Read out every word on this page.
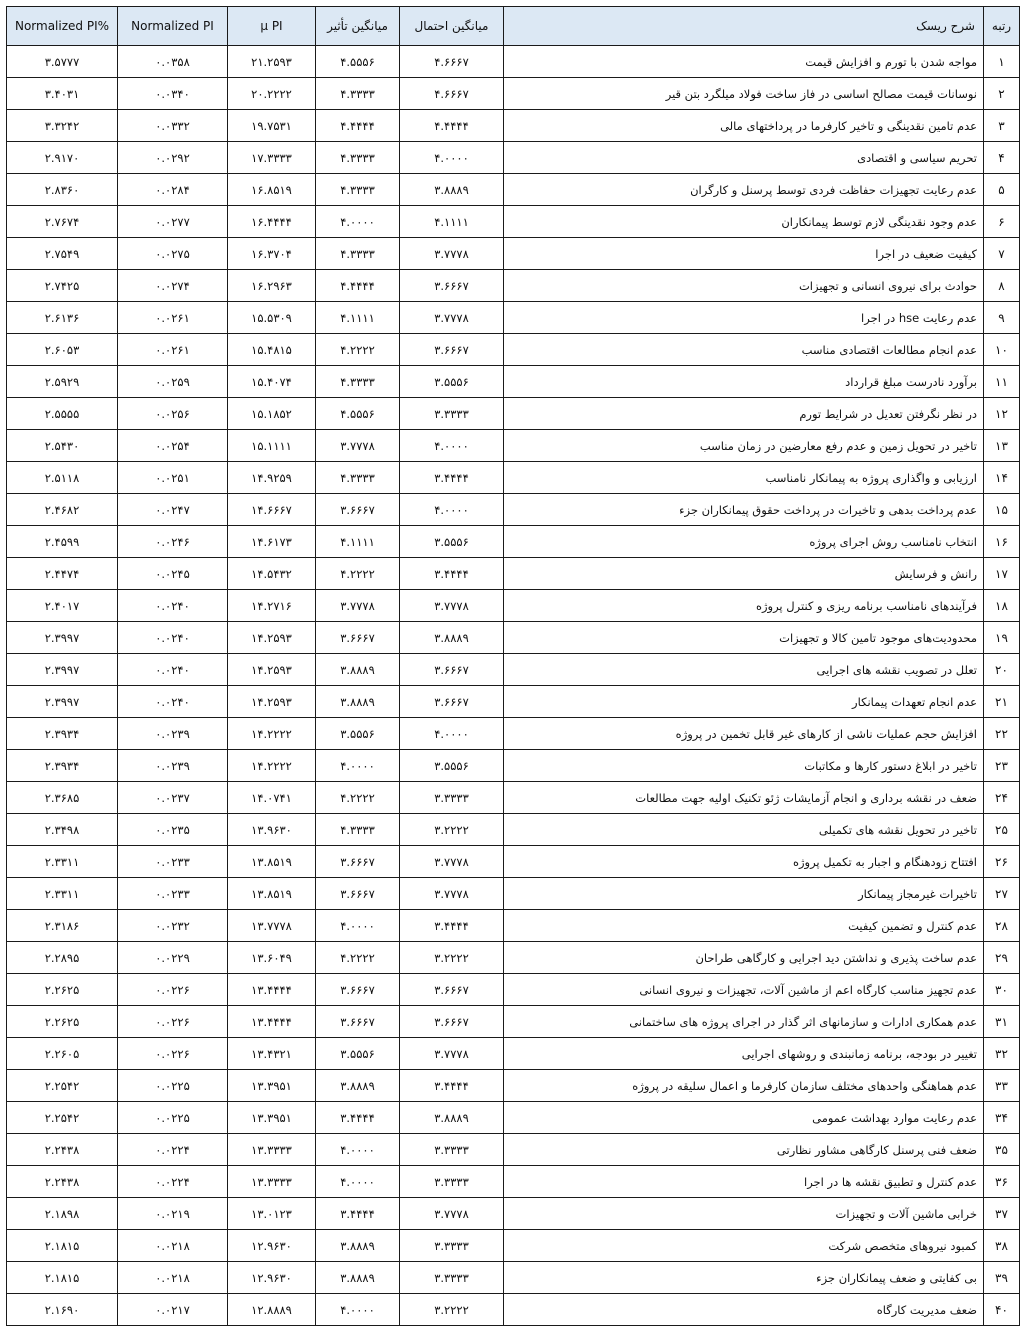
رتبه	شرح ریسک	میانگین احتمال	میانگین تأثیر	μ PI	Normalized PI	%Normalized PI
۱	مواجه شدن با تورم و افزایش قیمت	۴.۶۶۶۷	۴.۵۵۵۶	۲۱.۲۵۹۳	۰.۰۳۵۸	۳.۵۷۷۷
۲	نوسانات قیمت مصالح اساسی در فاز ساخت فولاد میلگرد بتن قیر	۴.۶۶۶۷	۴.۳۳۳۳	۲۰.۲۲۲۲	۰.۰۳۴۰	۳.۴۰۳۱
۳	عدم تامین نقدینگی و تاخیر کارفرما در پرداختهای مالی	۴.۴۴۴۴	۴.۴۴۴۴	۱۹.۷۵۳۱	۰.۰۳۳۲	۳.۳۲۴۲
۴	تحریم سیاسی و اقتصادی	۴.۰۰۰۰	۴.۳۳۳۳	۱۷.۳۳۳۳	۰.۰۲۹۲	۲.۹۱۷۰
۵	عدم رعایت تجهیزات حفاظت فردی توسط پرسنل و کارگران	۳.۸۸۸۹	۴.۳۳۳۳	۱۶.۸۵۱۹	۰.۰۲۸۴	۲.۸۳۶۰
۶	عدم وجود نقدینگی لازم توسط پیمانکاران	۴.۱۱۱۱	۴.۰۰۰۰	۱۶.۴۴۴۴	۰.۰۲۷۷	۲.۷۶۷۴
۷	کیفیت ضعیف در اجرا	۳.۷۷۷۸	۴.۳۳۳۳	۱۶.۳۷۰۴	۰.۰۲۷۵	۲.۷۵۴۹
۸	حوادث برای نیروی انسانی و تجهیزات	۳.۶۶۶۷	۴.۴۴۴۴	۱۶.۲۹۶۳	۰.۰۲۷۴	۲.۷۴۲۵
۹	عدم رعایت hse در اجرا	۳.۷۷۷۸	۴.۱۱۱۱	۱۵.۵۳۰۹	۰.۰۲۶۱	۲.۶۱۳۶
۱۰	عدم انجام مطالعات اقتصادی مناسب	۳.۶۶۶۷	۴.۲۲۲۲	۱۵.۴۸۱۵	۰.۰۲۶۱	۲.۶۰۵۳
۱۱	برآورد نادرست مبلغ قرارداد	۳.۵۵۵۶	۴.۳۳۳۳	۱۵.۴۰۷۴	۰.۰۲۵۹	۲.۵۹۲۹
۱۲	در نظر نگرفتن تعدیل در شرایط تورم	۳.۳۳۳۳	۴.۵۵۵۶	۱۵.۱۸۵۲	۰.۰۲۵۶	۲.۵۵۵۵
۱۳	تاخیر در تحویل زمین و عدم رفع معارضین در زمان مناسب	۴.۰۰۰۰	۳.۷۷۷۸	۱۵.۱۱۱۱	۰.۰۲۵۴	۲.۵۴۳۰
۱۴	ارزیابی و واگذاری پروژه به پیمانکار نامناسب	۳.۴۴۴۴	۴.۳۳۳۳	۱۴.۹۲۵۹	۰.۰۲۵۱	۲.۵۱۱۸
۱۵	عدم پرداخت بدهی و تاخیرات در پرداخت حقوق پیمانکاران جزء	۴.۰۰۰۰	۳.۶۶۶۷	۱۴.۶۶۶۷	۰.۰۲۴۷	۲.۴۶۸۲
۱۶	انتخاب نامناسب روش اجرای پروژه	۳.۵۵۵۶	۴.۱۱۱۱	۱۴.۶۱۷۳	۰.۰۲۴۶	۲.۴۵۹۹
۱۷	رانش و فرسایش	۳.۴۴۴۴	۴.۲۲۲۲	۱۴.۵۴۳۲	۰.۰۲۴۵	۲.۴۴۷۴
۱۸	فرآیندهای نامناسب برنامه ریزی و کنترل پروژه	۳.۷۷۷۸	۳.۷۷۷۸	۱۴.۲۷۱۶	۰.۰۲۴۰	۲.۴۰۱۷
۱۹	محدودیت‌های موجود تامین کالا و تجهیزات	۳.۸۸۸۹	۳.۶۶۶۷	۱۴.۲۵۹۳	۰.۰۲۴۰	۲.۳۹۹۷
۲۰	تعلل در تصویب نقشه های اجرایی	۳.۶۶۶۷	۳.۸۸۸۹	۱۴.۲۵۹۳	۰.۰۲۴۰	۲.۳۹۹۷
۲۱	عدم انجام تعهدات پیمانکار	۳.۶۶۶۷	۳.۸۸۸۹	۱۴.۲۵۹۳	۰.۰۲۴۰	۲.۳۹۹۷
۲۲	افزایش حجم عملیات ناشی از کارهای غیر قابل تخمین در پروژه	۴.۰۰۰۰	۳.۵۵۵۶	۱۴.۲۲۲۲	۰.۰۲۳۹	۲.۳۹۳۴
۲۳	تاخیر در ابلاغ دستور کارها و مکاتبات	۳.۵۵۵۶	۴.۰۰۰۰	۱۴.۲۲۲۲	۰.۰۲۳۹	۲.۳۹۳۴
۲۴	ضعف در نقشه برداری و انجام آزمایشات ژئو تکنیک اولیه جهت مطالعات	۳.۳۳۳۳	۴.۲۲۲۲	۱۴.۰۷۴۱	۰.۰۲۳۷	۲.۳۶۸۵
۲۵	تاخیر در تحویل نقشه های تکمیلی	۳.۲۲۲۲	۴.۳۳۳۳	۱۳.۹۶۳۰	۰.۰۲۳۵	۲.۳۴۹۸
۲۶	افتتاح زودهنگام و اجبار به تکمیل پروژه	۳.۷۷۷۸	۳.۶۶۶۷	۱۳.۸۵۱۹	۰.۰۲۳۳	۲.۳۳۱۱
۲۷	تاخیرات غیرمجاز پیمانکار	۳.۷۷۷۸	۳.۶۶۶۷	۱۳.۸۵۱۹	۰.۰۲۳۳	۲.۳۳۱۱
۲۸	عدم کنترل و تضمین کیفیت	۳.۴۴۴۴	۴.۰۰۰۰	۱۳.۷۷۷۸	۰.۰۲۳۲	۲.۳۱۸۶
۲۹	عدم ساخت پذیری و نداشتن دید اجرایی و کارگاهی طراحان	۳.۲۲۲۲	۴.۲۲۲۲	۱۳.۶۰۴۹	۰.۰۲۲۹	۲.۲۸۹۵
۳۰	عدم تجهیز مناسب کارگاه اعم از ماشین آلات، تجهیزات و نیروی انسانی	۳.۶۶۶۷	۳.۶۶۶۷	۱۳.۴۴۴۴	۰.۰۲۲۶	۲.۲۶۲۵
۳۱	عدم همکاری ادارات و سازمانهای اثر گذار در اجرای پروژه های ساختمانی	۳.۶۶۶۷	۳.۶۶۶۷	۱۳.۴۴۴۴	۰.۰۲۲۶	۲.۲۶۲۵
۳۲	تغییر در بودجه، برنامه زمانبندی و روشهای اجرایی	۳.۷۷۷۸	۳.۵۵۵۶	۱۳.۴۳۲۱	۰.۰۲۲۶	۲.۲۶۰۵
۳۳	عدم هماهنگی واحدهای مختلف سازمان کارفرما و اعمال سلیقه در پروژه	۳.۴۴۴۴	۳.۸۸۸۹	۱۳.۳۹۵۱	۰.۰۲۲۵	۲.۲۵۴۲
۳۴	عدم رعایت موارد بهداشت عمومی	۳.۸۸۸۹	۳.۴۴۴۴	۱۳.۳۹۵۱	۰.۰۲۲۵	۲.۲۵۴۲
۳۵	ضعف فنی پرسنل کارگاهی مشاور نظارتی	۳.۳۳۳۳	۴.۰۰۰۰	۱۳.۳۳۳۳	۰.۰۲۲۴	۲.۲۴۳۸
۳۶	عدم کنترل و تطبیق نقشه ها در اجرا	۳.۳۳۳۳	۴.۰۰۰۰	۱۳.۳۳۳۳	۰.۰۲۲۴	۲.۲۴۳۸
۳۷	خرابی ماشین آلات و تجهیزات	۳.۷۷۷۸	۳.۴۴۴۴	۱۳.۰۱۲۳	۰.۰۲۱۹	۲.۱۸۹۸
۳۸	کمبود نیروهای متخصص شرکت	۳.۳۳۳۳	۳.۸۸۸۹	۱۲.۹۶۳۰	۰.۰۲۱۸	۲.۱۸۱۵
۳۹	بی کفایتی و ضعف پیمانکاران جزء	۳.۳۳۳۳	۳.۸۸۸۹	۱۲.۹۶۳۰	۰.۰۲۱۸	۲.۱۸۱۵
۴۰	ضعف مدیریت کارگاه	۳.۲۲۲۲	۴.۰۰۰۰	۱۲.۸۸۸۹	۰.۰۲۱۷	۲.۱۶۹۰
